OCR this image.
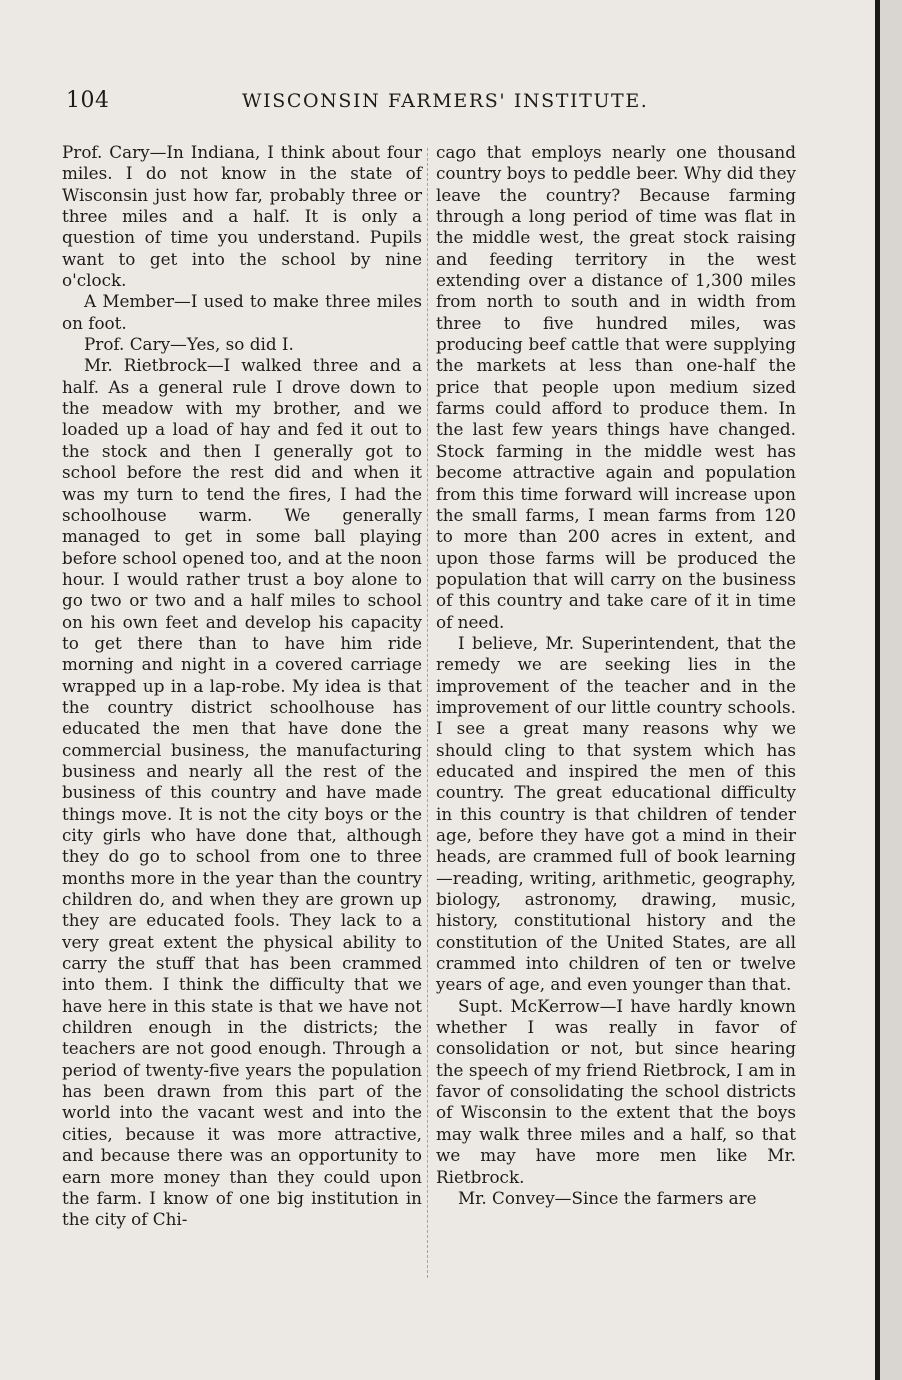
104	WISCONSIN FARMERS' INSTITUTE.

Prof. Cary—In Indiana, I think about four miles. I do not know in the state of Wisconsin just how far, probably three or three miles and a half. It is only a question of time you understand. Pupils want to get into the school by nine o'clock.

A Member—I used to make three miles on foot.

Prof. Cary—Yes, so did I.

Mr. Rietbrock—I walked three and a half. As a general rule I drove down to the meadow with my brother, and we loaded up a load of hay and fed it out to the stock and then I generally got to school before the rest did and when it was my turn to tend the fires, I had the schoolhouse warm. We generally managed to get in some ball playing before school opened too, and at the noon hour. I would rather trust a boy alone to go two or two and a half miles to school on his own feet and develop his capacity to get there than to have him ride morning and night in a covered carriage wrapped up in a lap-robe. My idea is that the country district schoolhouse has educated the men that have done the commercial business, the manufacturing business and nearly all the rest of the business of this country and have made things move. It is not the city boys or the city girls who have done that, although they do go to school from one to three months more in the year than the country children do, and when they are grown up they are educated fools. They lack to a very great extent the physical ability to carry the stuff that has been crammed into them. I think the difficulty that we have here in this state is that we have not children enough in the districts; the teachers are not good enough. Through a period of twenty-five years the population has been drawn from this part of the world into the vacant west and into the cities, because it was more attractive, and because there was an opportunity to earn more money than they could upon the farm. I know of one big institution in the city of Chi-

cago that employs nearly one thousand country boys to peddle beer. Why did they leave the country? Because farming through a long period of time was flat in the middle west, the great stock raising and feeding territory in the west extending over a distance of 1,300 miles from north to south and in width from three to five hundred miles, was producing beef cattle that were supplying the markets at less than one-half the price that people upon medium sized farms could afford to produce them. In the last few years things have changed. Stock farming in the middle west has become attractive again and population from this time forward will increase upon the small farms, I mean farms from 120 to more than 200 acres in extent, and upon those farms will be produced the population that will carry on the business of this country and take care of it in time of need.

I believe, Mr. Superintendent, that the remedy we are seeking lies in the improvement of the teacher and in the improvement of our little country schools. I see a great many reasons why we should cling to that system which has educated and inspired the men of this country. The great educational difficulty in this country is that children of tender age, before they have got a mind in their heads, are crammed full of book learning—reading, writing, arithmetic, geography, biology, astronomy, drawing, music, history, constitutional history and the constitution of the United States, are all crammed into children of ten or twelve years of age, and even younger than that.

Supt. McKerrow—I have hardly known whether I was really in favor of consolidation or not, but since hearing the speech of my friend Rietbrock, I am in favor of consolidating the school districts of Wisconsin to the extent that the boys may walk three miles and a half, so that we may have more men like Mr. Rietbrock.

Mr. Convey—Since the farmers are
